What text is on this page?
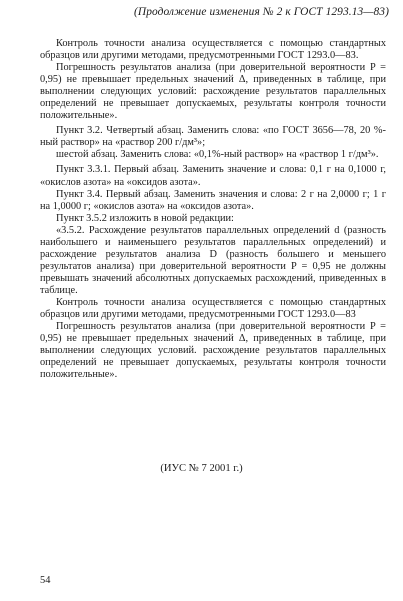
(Продолжение изменения № 2 к ГОСТ 1293.13—83)

Контроль точности анализа осуществляется с помощью стандартных образцов или другими методами, предусмотренными ГОСТ 1293.0—83.

Погрешность результатов анализа (при доверительной вероятности P = 0,95) не превышает предельных значений Δ, приведенных в таблице, при выполнении следующих условий: расхождение результатов параллельных определений не превышает допускаемых, результаты контроля точности положительные».

Пункт 3.2. Четвертый абзац. Заменить слова: «по ГОСТ 3656—78, 20 %-ный раствор» на «раствор 200 г/дм³»;

шестой абзац. Заменить слова: «0,1%-ный раствор» на «раствор 1 г/дм³».

Пункт 3.3.1. Первый абзац. Заменить значение и слова: 0,1 г на 0,1000 г, «окислов азота» на «оксидов азота».

Пункт 3.4. Первый абзац. Заменить значения и слова: 2 г на 2,0000 г; 1 г на 1,0000 г; «окислов азота» на «оксидов азота».

Пункт 3.5.2 изложить в новой редакции:

«3.5.2. Расхождение результатов параллельных определений d (разность наибольшего и наименьшего результатов параллельных определений) и расхождение результатов анализа D (разность большего и меньшего результатов анализа) при доверительной вероятности P = 0,95 не должны превышать значений абсолютных допускаемых расхождений, приведенных в таблице.

Контроль точности анализа осуществляется с помощью стандартных образцов или другими методами, предусмотренными ГОСТ 1293.0—83

Погрешность результатов анализа (при доверительной вероятности P = 0,95) не превышает предельных значений Δ, приведенных в таблице, при выполнении следующих условий. расхождение результатов параллельных определений не превышает допускаемых, результаты контроля точности положительные».

(ИУС № 7 2001 г.)
54
